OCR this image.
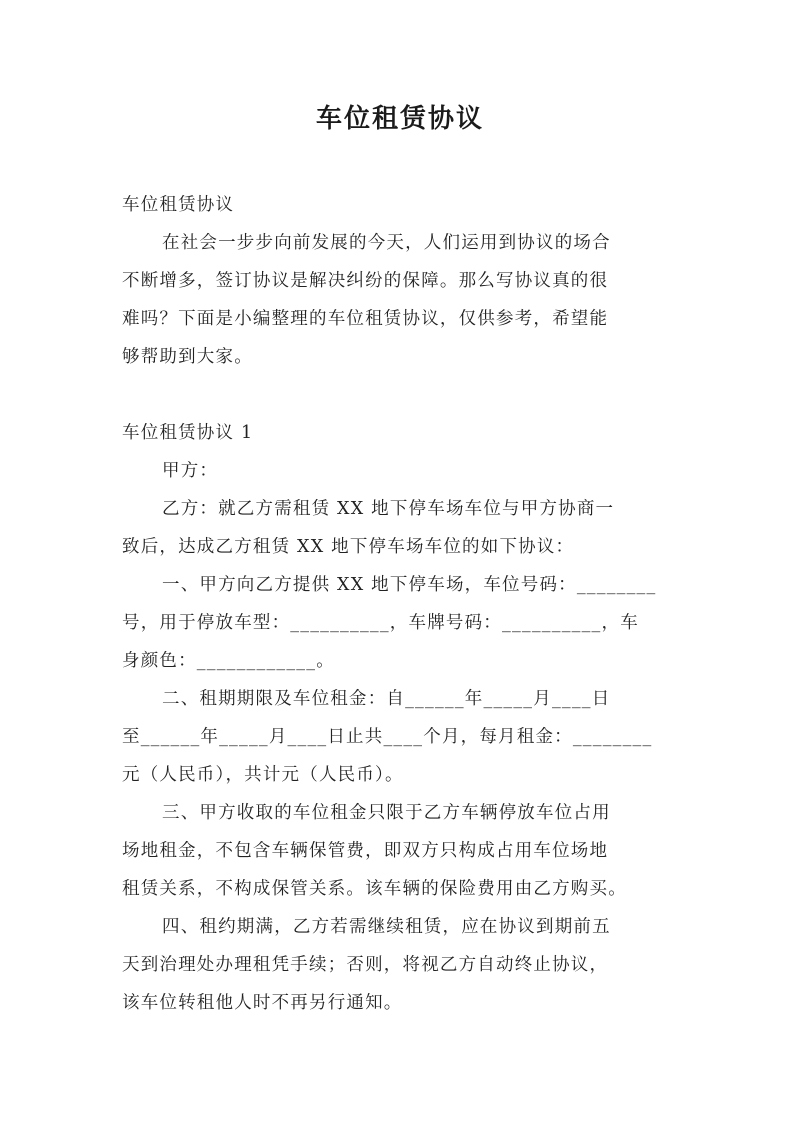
车位租赁协议
车位租赁协议
在社会一步步向前发展的今天，人们运用到协议的场合
不断增多，签订协议是解决纠纷的保障。那么写协议真的很
难吗？下面是小编整理的车位租赁协议，仅供参考，希望能
够帮助到大家。
车位租赁协议 1
甲方：
乙方：就乙方需租赁 XX 地下停车场车位与甲方协商一
致后，达成乙方租赁 XX 地下停车场车位的如下协议：
一、甲方向乙方提供 XX 地下停车场，车位号码：________
号，用于停放车型：__________，车牌号码：__________，车
身颜色：____________。
二、租期期限及车位租金：自______年_____月____日
至______年_____月____日止共____个月，每月租金：________
元（人民币），共计元（人民币）。
三、甲方收取的车位租金只限于乙方车辆停放车位占用
场地租金，不包含车辆保管费，即双方只构成占用车位场地
租赁关系，不构成保管关系。该车辆的保险费用由乙方购买。
四、租约期满，乙方若需继续租赁，应在协议到期前五
天到治理处办理租凭手续；否则，将视乙方自动终止协议，
该车位转租他人时不再另行通知。
